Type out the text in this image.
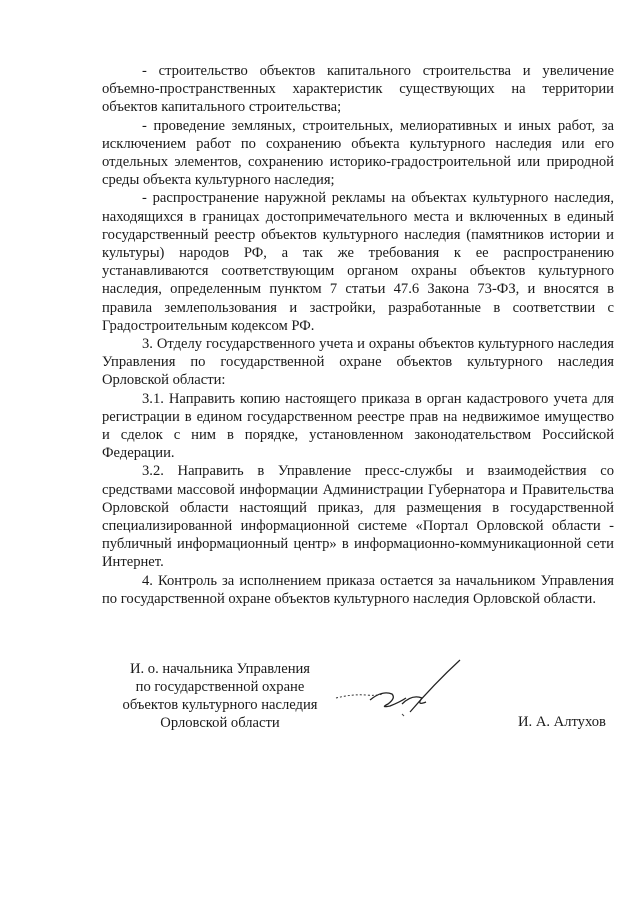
- строительство объектов капитального строительства и увеличение объемно-пространственных характеристик существующих на территории объектов капитального строительства;

- проведение земляных, строительных, мелиоративных и иных работ, за исключением работ по сохранению объекта культурного наследия или его отдельных элементов, сохранению историко-градостроительной или природной среды объекта культурного наследия;

- распространение наружной рекламы на объектах культурного наследия, находящихся в границах достопримечательного места и включенных в единый государственный реестр объектов культурного наследия (памятников истории и культуры) народов РФ, а так же требования к ее распространению устанавливаются соответствующим органом охраны объектов культурного наследия, определенным пунктом 7 статьи 47.6 Закона 73-ФЗ, и вносятся в правила землепользования и застройки, разработанные в соответствии с Градостроительным кодексом РФ.

3. Отделу государственного учета и охраны объектов культурного наследия Управления по государственной охране объектов культурного наследия Орловской области:

3.1. Направить копию настоящего приказа в орган кадастрового учета для регистрации в едином государственном реестре прав на недвижимое имущество и сделок с ним в порядке, установленном законодательством Российской Федерации.

3.2. Направить в Управление пресс-службы и взаимодействия со средствами массовой информации Администрации Губернатора и Правительства Орловской области настоящий приказ, для размещения в государственной специализированной информационной системе «Портал Орловской области - публичный информационный центр» в информационно-коммуникационной сети Интернет.

4. Контроль за исполнением приказа остается за начальником Управления по государственной охране объектов культурного наследия Орловской области.

И. о. начальника Управления
по государственной охране
объектов культурного наследия
Орловской области	И. А. Алтухов
